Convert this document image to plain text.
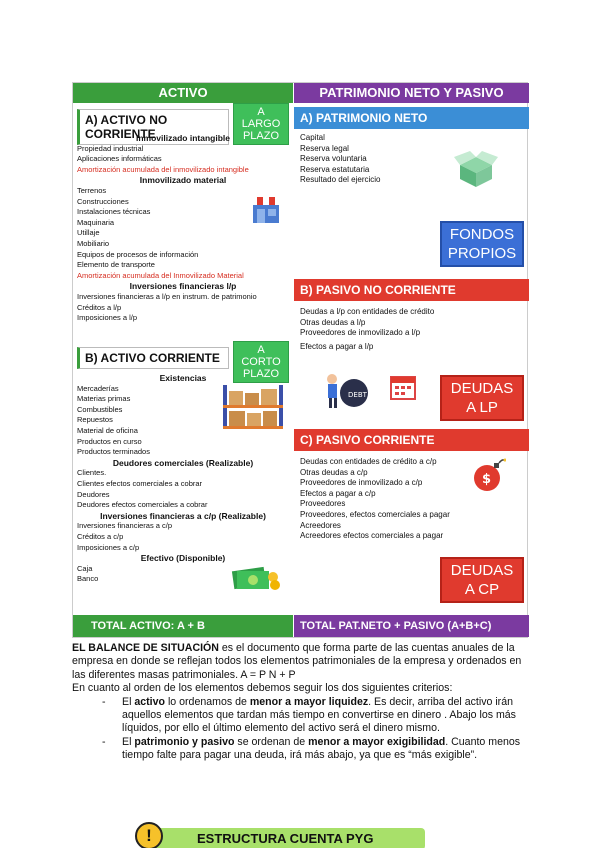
ACTIVO
A) ACTIVO NO CORRIENTE
A LARGO
PLAZO
Inmovilizado intangible
Propiedad industrial
Aplicaciones informáticas
Amortización acumulada del inmovilizado intangible
Inmovilizado material
Terrenos
Construcciones
Instalaciones técnicas
Maquinaria
Utillaje
Mobiliario
Equipos de procesos de información
Elemento de transporte
Amortización acumulada del Inmovilizado Material
Inversiones financieras l/p
Inversiones financieras a l/p en instrum. de patrimonio
Créditos a l/p
Imposiciones a l/p
B) ACTIVO CORRIENTE
A CORTO
PLAZO
Existencias
Mercaderías
Materias primas
Combustibles
Repuestos
Material de oficina
Productos en curso
Productos terminados
Deudores comerciales (Realizable)
Clientes.
Clientes efectos comerciales a cobrar
Deudores
Deudores efectos comerciales a cobrar
Inversiones financieras a c/p (Realizable)
Inversiones financieras a c/p
Créditos a c/p
Imposiciones a c/p
Efectivo (Disponible)
Caja
Banco
TOTAL ACTIVO: A + B
PATRIMONIO NETO Y PASIVO
A) PATRIMONIO NETO
Capital
Reserva legal
Reserva voluntaria
Reserva estatutaria
Resultado del ejercicio
FONDOS
PROPIOS
B) PASIVO NO CORRIENTE
Deudas a l/p con entidades de crédito
Otras deudas a l/p
Proveedores de inmovilizado a l/p
Efectos a pagar a l/p
DEBT	DEUDAS
A LP
C) PASIVO CORRIENTE
Deudas con entidades de crédito a c/p
Otras deudas a c/p
Proveedores de inmovilizado a c/p
Efectos a pagar a c/p
Proveedores
Proveedores, efectos comerciales a pagar
Acreedores
Acreedores efectos comerciales a pagar
$
DEUDAS
A CP
TOTAL PAT.NETO + PASIVO (A+B+C)

EL BALANCE DE SITUACIÓN es el documento que forma parte de las cuentas anuales de la empresa en donde se reflejan todos los elementos patrimoniales de la empresa y ordenados en las diferentes masas patrimoniales. A = P N + P

En cuanto al orden de los elementos debemos seguir los dos siguientes criterios:

- El activo lo ordenamos de menor a mayor liquidez. Es decir, arriba del activo irán aquellos elementos que tardan más tiempo en convertirse en dinero . Abajo los más líquidos, por ello el último elemento del activo será el dinero mismo.
- El patrimonio y pasivo se ordenan de menor a mayor exigibilidad. Cuanto menos tiempo falte para pagar una deuda, irá más abajo, ya que es “más exigible”.
!	ESTRUCTURA CUENTA PYG
